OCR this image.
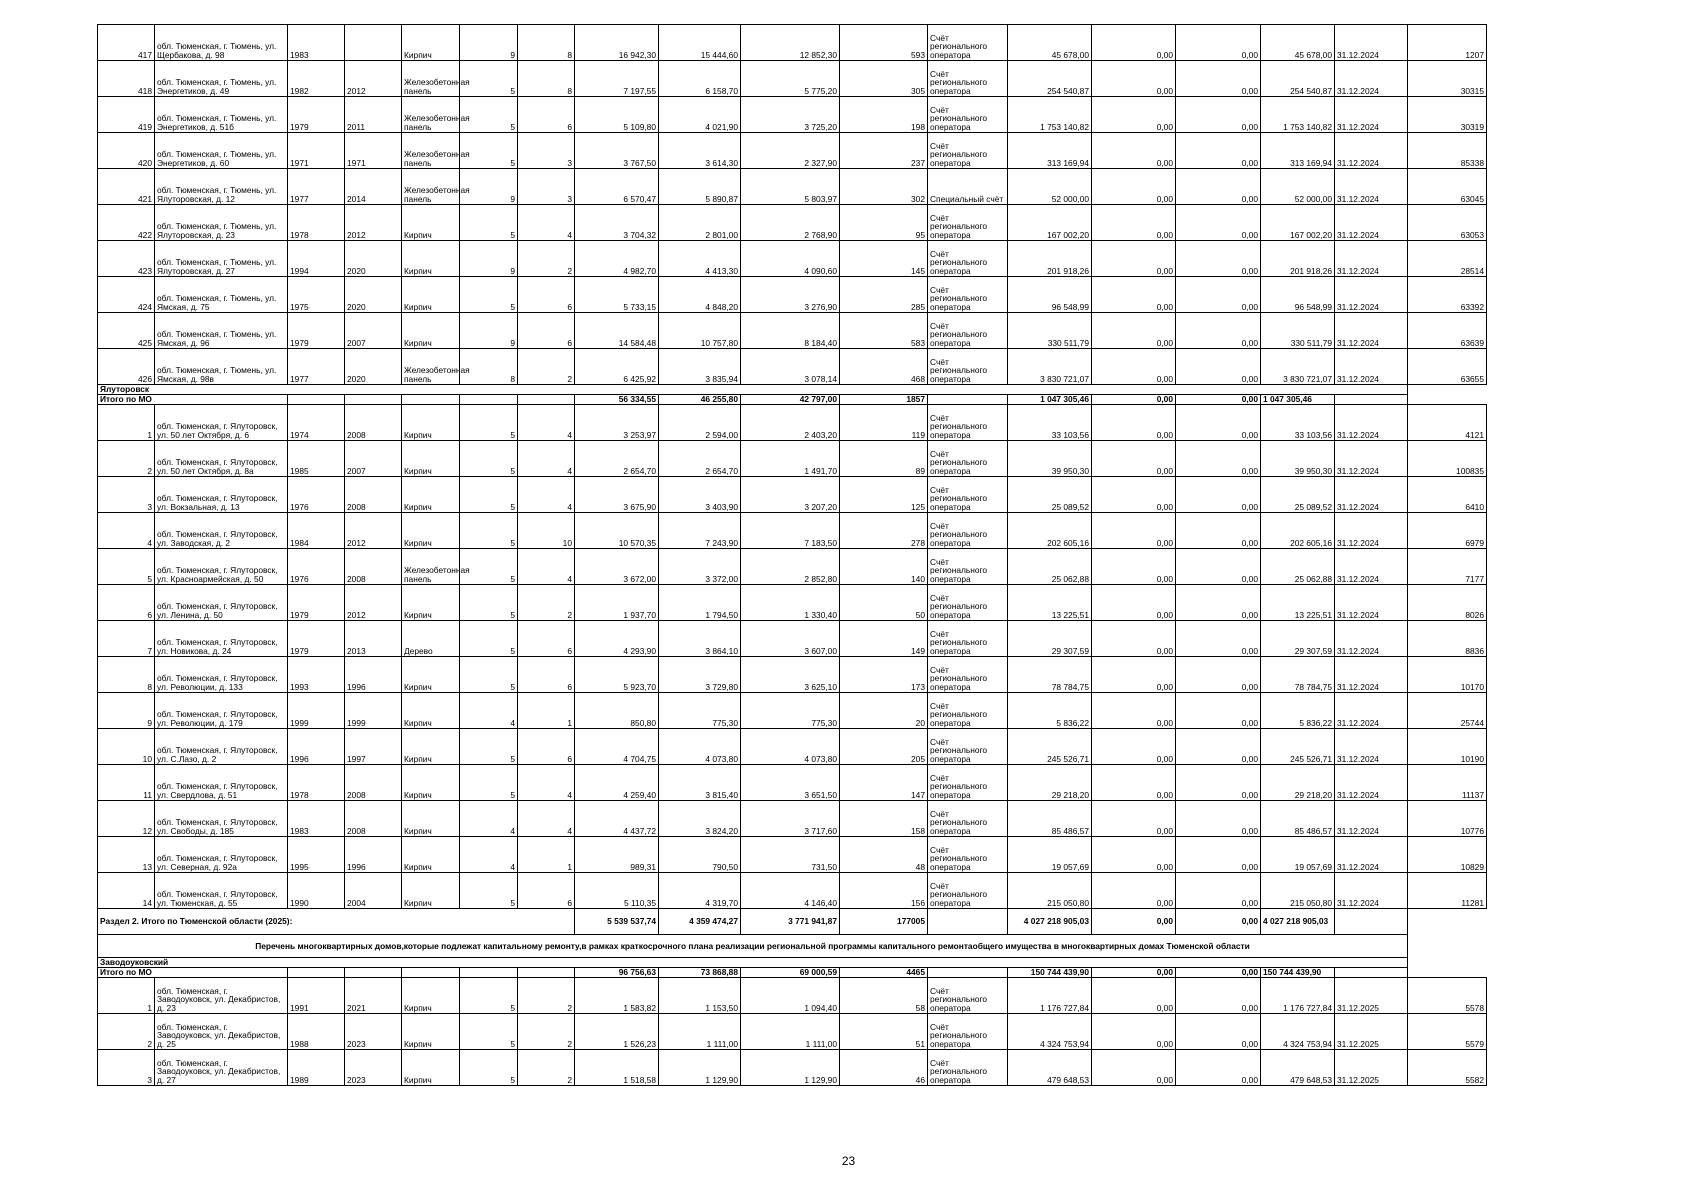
417	обл. Тюменская, г. Тюмень, ул. Щербакова, д. 98	1983		Кирпич	9	8	16 942,30	15 444,60	12 852,30	593	Счёт регионального оператора	45 678,00	0,00	0,00	45 678,00	31.12.2024	1207
418	обл. Тюменская, г. Тюмень, ул. Энергетиков, д. 49	1982	2012	Железобетонная панель	5	8	7 197,55	6 158,70	5 775,20	305	Счёт регионального оператора	254 540,87	0,00	0,00	254 540,87	31.12.2024	30315
419	обл. Тюменская, г. Тюмень, ул. Энергетиков, д. 51б	1979	2011	Железобетонная панель	5	6	5 109,80	4 021,90	3 725,20	198	Счёт регионального оператора	1 753 140,82	0,00	0,00	1 753 140,82	31.12.2024	30319
420	обл. Тюменская, г. Тюмень, ул. Энергетиков, д. 60	1971	1971	Железобетонная панель	5	3	3 767,50	3 614,30	2 327,90	237	Счёт регионального оператора	313 169,94	0,00	0,00	313 169,94	31.12.2024	85338
421	обл. Тюменская, г. Тюмень, ул. Ялуторовская, д. 12	1977	2014	Железобетонная панель	9	3	6 570,47	5 890,87	5 803,97	302	Специальный счёт	52 000,00	0,00	0,00	52 000,00	31.12.2024	63045
422	обл. Тюменская, г. Тюмень, ул. Ялуторовская, д. 23	1978	2012	Кирпич	5	4	3 704,32	2 801,00	2 768,90	95	Счёт регионального оператора	167 002,20	0,00	0,00	167 002,20	31.12.2024	63053
423	обл. Тюменская, г. Тюмень, ул. Ялуторовская, д. 27	1994	2020	Кирпич	9	2	4 982,70	4 413,30	4 090,60	145	Счёт регионального оператора	201 918,26	0,00	0,00	201 918,26	31.12.2024	28514
424	обл. Тюменская, г. Тюмень, ул. Ямская, д. 75	1975	2020	Кирпич	5	6	5 733,15	4 848,20	3 276,90	285	Счёт регионального оператора	96 548,99	0,00	0,00	96 548,99	31.12.2024	63392
425	обл. Тюменская, г. Тюмень, ул. Ямская, д. 96	1979	2007	Кирпич	9	6	14 584,48	10 757,80	8 184,40	583	Счёт регионального оператора	330 511,79	0,00	0,00	330 511,79	31.12.2024	63639
426	обл. Тюменская, г. Тюмень, ул. Ямская, д. 98в	1977	2020	Железобетонная панель	8	2	6 425,92	3 835,94	3 078,14	468	Счёт регионального оператора	3 830 721,07	0,00	0,00	3 830 721,07	31.12.2024	63655
Ялуторовск																	
Итого по МО							56 334,55	46 255,80	42 797,00	1857		1 047 305,46	0,00	0,00	1 047 305,46		
1	обл. Тюменская, г. Ялуторовск, ул. 50 лет Октября, д. 6	1974	2008	Кирпич	5	4	3 253,97	2 594,00	2 403,20	119	Счёт регионального оператора	33 103,56	0,00	0,00	33 103,56	31.12.2024	4121
2	обл. Тюменская, г. Ялуторовск, ул. 50 лет Октября, д. 8а	1985	2007	Кирпич	5	4	2 654,70	2 654,70	1 491,70	89	Счёт регионального оператора	39 950,30	0,00	0,00	39 950,30	31.12.2024	100835
3	обл. Тюменская, г. Ялуторовск, ул. Вокзальная, д. 13	1976	2008	Кирпич	5	4	3 675,90	3 403,90	3 207,20	125	Счёт регионального оператора	25 089,52	0,00	0,00	25 089,52	31.12.2024	6410
4	обл. Тюменская, г. Ялуторовск, ул. Заводская, д. 2	1984	2012	Кирпич	5	10	10 570,35	7 243,90	7 183,50	278	Счёт регионального оператора	202 605,16	0,00	0,00	202 605,16	31.12.2024	6979
5	обл. Тюменская, г. Ялуторовск, ул. Красноармейская, д. 50	1976	2008	Железобетонная панель	5	4	3 672,00	3 372,00	2 852,80	140	Счёт регионального оператора	25 062,88	0,00	0,00	25 062,88	31.12.2024	7177
6	обл. Тюменская, г. Ялуторовск, ул. Ленина, д. 50	1979	2012	Кирпич	5	2	1 937,70	1 794,50	1 330,40	50	Счёт регионального оператора	13 225,51	0,00	0,00	13 225,51	31.12.2024	8026
7	обл. Тюменская, г. Ялуторовск, ул. Новикова, д. 24	1979	2013	Дерево	5	6	4 293,90	3 864,10	3 607,00	149	Счёт регионального оператора	29 307,59	0,00	0,00	29 307,59	31.12.2024	8836
8	обл. Тюменская, г. Ялуторовск, ул. Революции, д. 133	1993	1996	Кирпич	5	6	5 923,70	3 729,80	3 625,10	173	Счёт регионального оператора	78 784,75	0,00	0,00	78 784,75	31.12.2024	10170
9	обл. Тюменская, г. Ялуторовск, ул. Революции, д. 179	1999	1999	Кирпич	4	1	850,80	775,30	775,30	20	Счёт регионального оператора	5 836,22	0,00	0,00	5 836,22	31.12.2024	25744
10	обл. Тюменская, г. Ялуторовск, ул. С.Лазо, д. 2	1996	1997	Кирпич	5	6	4 704,75	4 073,80	4 073,80	205	Счёт регионального оператора	245 526,71	0,00	0,00	245 526,71	31.12.2024	10190
11	обл. Тюменская, г. Ялуторовск, ул. Свердлова, д. 51	1978	2008	Кирпич	5	4	4 259,40	3 815,40	3 651,50	147	Счёт регионального оператора	29 218,20	0,00	0,00	29 218,20	31.12.2024	11137
12	обл. Тюменская, г. Ялуторовск, ул. Свободы, д. 185	1983	2008	Кирпич	4	4	4 437,72	3 824,20	3 717,60	158	Счёт регионального оператора	85 486,57	0,00	0,00	85 486,57	31.12.2024	10776
13	обл. Тюменская, г. Ялуторовск, ул. Северная, д. 92а	1995	1996	Кирпич	4	1	989,31	790,50	731,50	48	Счёт регионального оператора	19 057,69	0,00	0,00	19 057,69	31.12.2024	10829
14	обл. Тюменская, г. Ялуторовск, ул. Тюменская, д. 55	1990	2004	Кирпич	5	6	5 110,35	4 319,70	4 146,40	156	Счёт регионального оператора	215 050,80	0,00	0,00	215 050,80	31.12.2024	11281
Раздел 2. Итого по Тюменской области (2025):							5 539 537,74	4 359 474,27	3 771 941,87	177005		4 027 218 905,03	0,00	0,00	4 027 218 905,03		
Перечень многоквартирных домов,которые подлежат капитальному ремонту,в рамках краткосрочного плана реализации региональной программы капитального ремонтаобщего имущества в многоквартирных домах Тюменской области																	
Заводоуковский																	
Итого по МО							96 756,63	73 868,88	69 000,59	4465		150 744 439,90	0,00	0,00	150 744 439,90		
1	обл. Тюменская, г. Заводоуковск, ул. Декабристов, д. 23	1991	2021	Кирпич	5	2	1 583,82	1 153,50	1 094,40	58	Счёт регионального оператора	1 176 727,84	0,00	0,00	1 176 727,84	31.12.2025	5578
2	обл. Тюменская, г. Заводоуковск, ул. Декабристов, д. 25	1988	2023	Кирпич	5	2	1 526,23	1 111,00	1 111,00	51	Счёт регионального оператора	4 324 753,94	0,00	0,00	4 324 753,94	31.12.2025	5579
3	обл. Тюменская, г. Заводоуковск, ул. Декабристов, д. 27	1989	2023	Кирпич	5	2	1 518,58	1 129,90	1 129,90	46	Счёт регионального оператора	479 648,53	0,00	0,00	479 648,53	31.12.2025	5582
23
